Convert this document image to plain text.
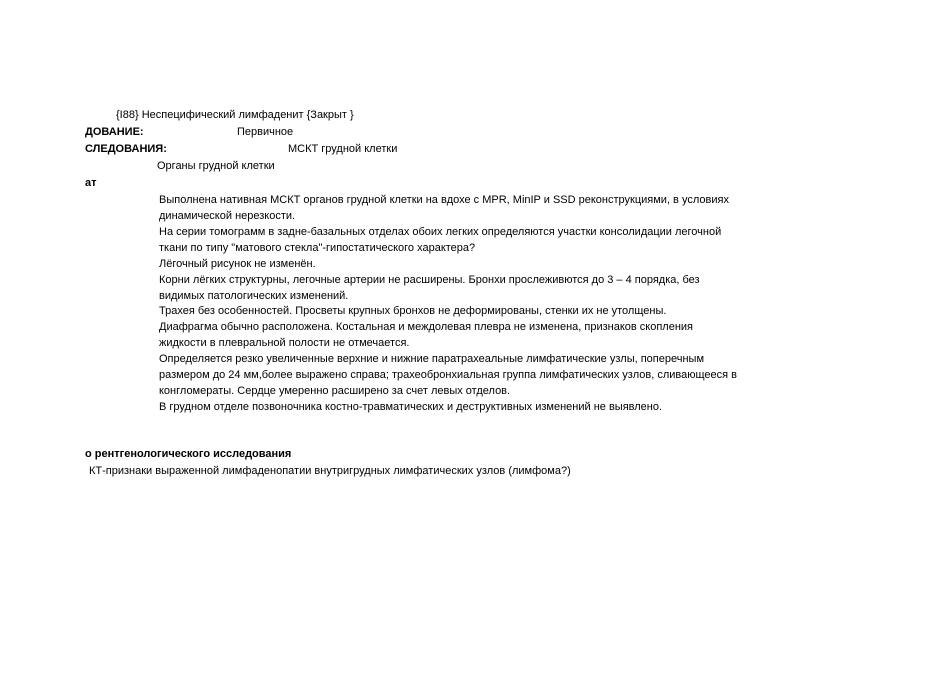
{I88} Неспецифический лимфаденит {Закрыт }
ДОВАНИЕ:	Первичное
СЛЕДОВАНИЯ:	МСКТ грудной клетки
Органы грудной клетки
ат
Выполнена нативная МСКТ органов грудной клетки на вдохе с MPR, MinIP и SSD реконструкциями, в условиях
динамической нерезкости.
На серии томограмм в задне-базальных отделах обоих легких определяются участки консолидации легочной
ткани по типу "матового стекла"-гипостатического характера?
Лёгочный рисунок не изменён.
Корни лёгких структурны, легочные артерии не расширены. Бронхи прослеживются до 3 – 4 порядка, без
видимых патологических изменений.
Трахея без особенностей. Просветы крупных бронхов не деформированы, стенки их не утолщены.
Диафрагма обычно расположена. Костальная и междолевая плевра не изменена, признаков скопления
жидкости в плевральной полости не отмечается.
Определяется резко увеличенные верхние и нижние паратрахеальные лимфатические узлы, поперечным
размером до 24 мм,более выражено справа; трахеобронхиальная группа лимфатических узлов, сливающееся в
конгломераты. Сердце умеренно расширено за счет левых отделов.
В грудном отделе позвоночника костно-травматических и деструктивных изменений не выявлено.
о рентгенологического исследования
КТ-признаки выраженной лимфаденопатии внутригрудных лимфатических узлов (лимфома?)
